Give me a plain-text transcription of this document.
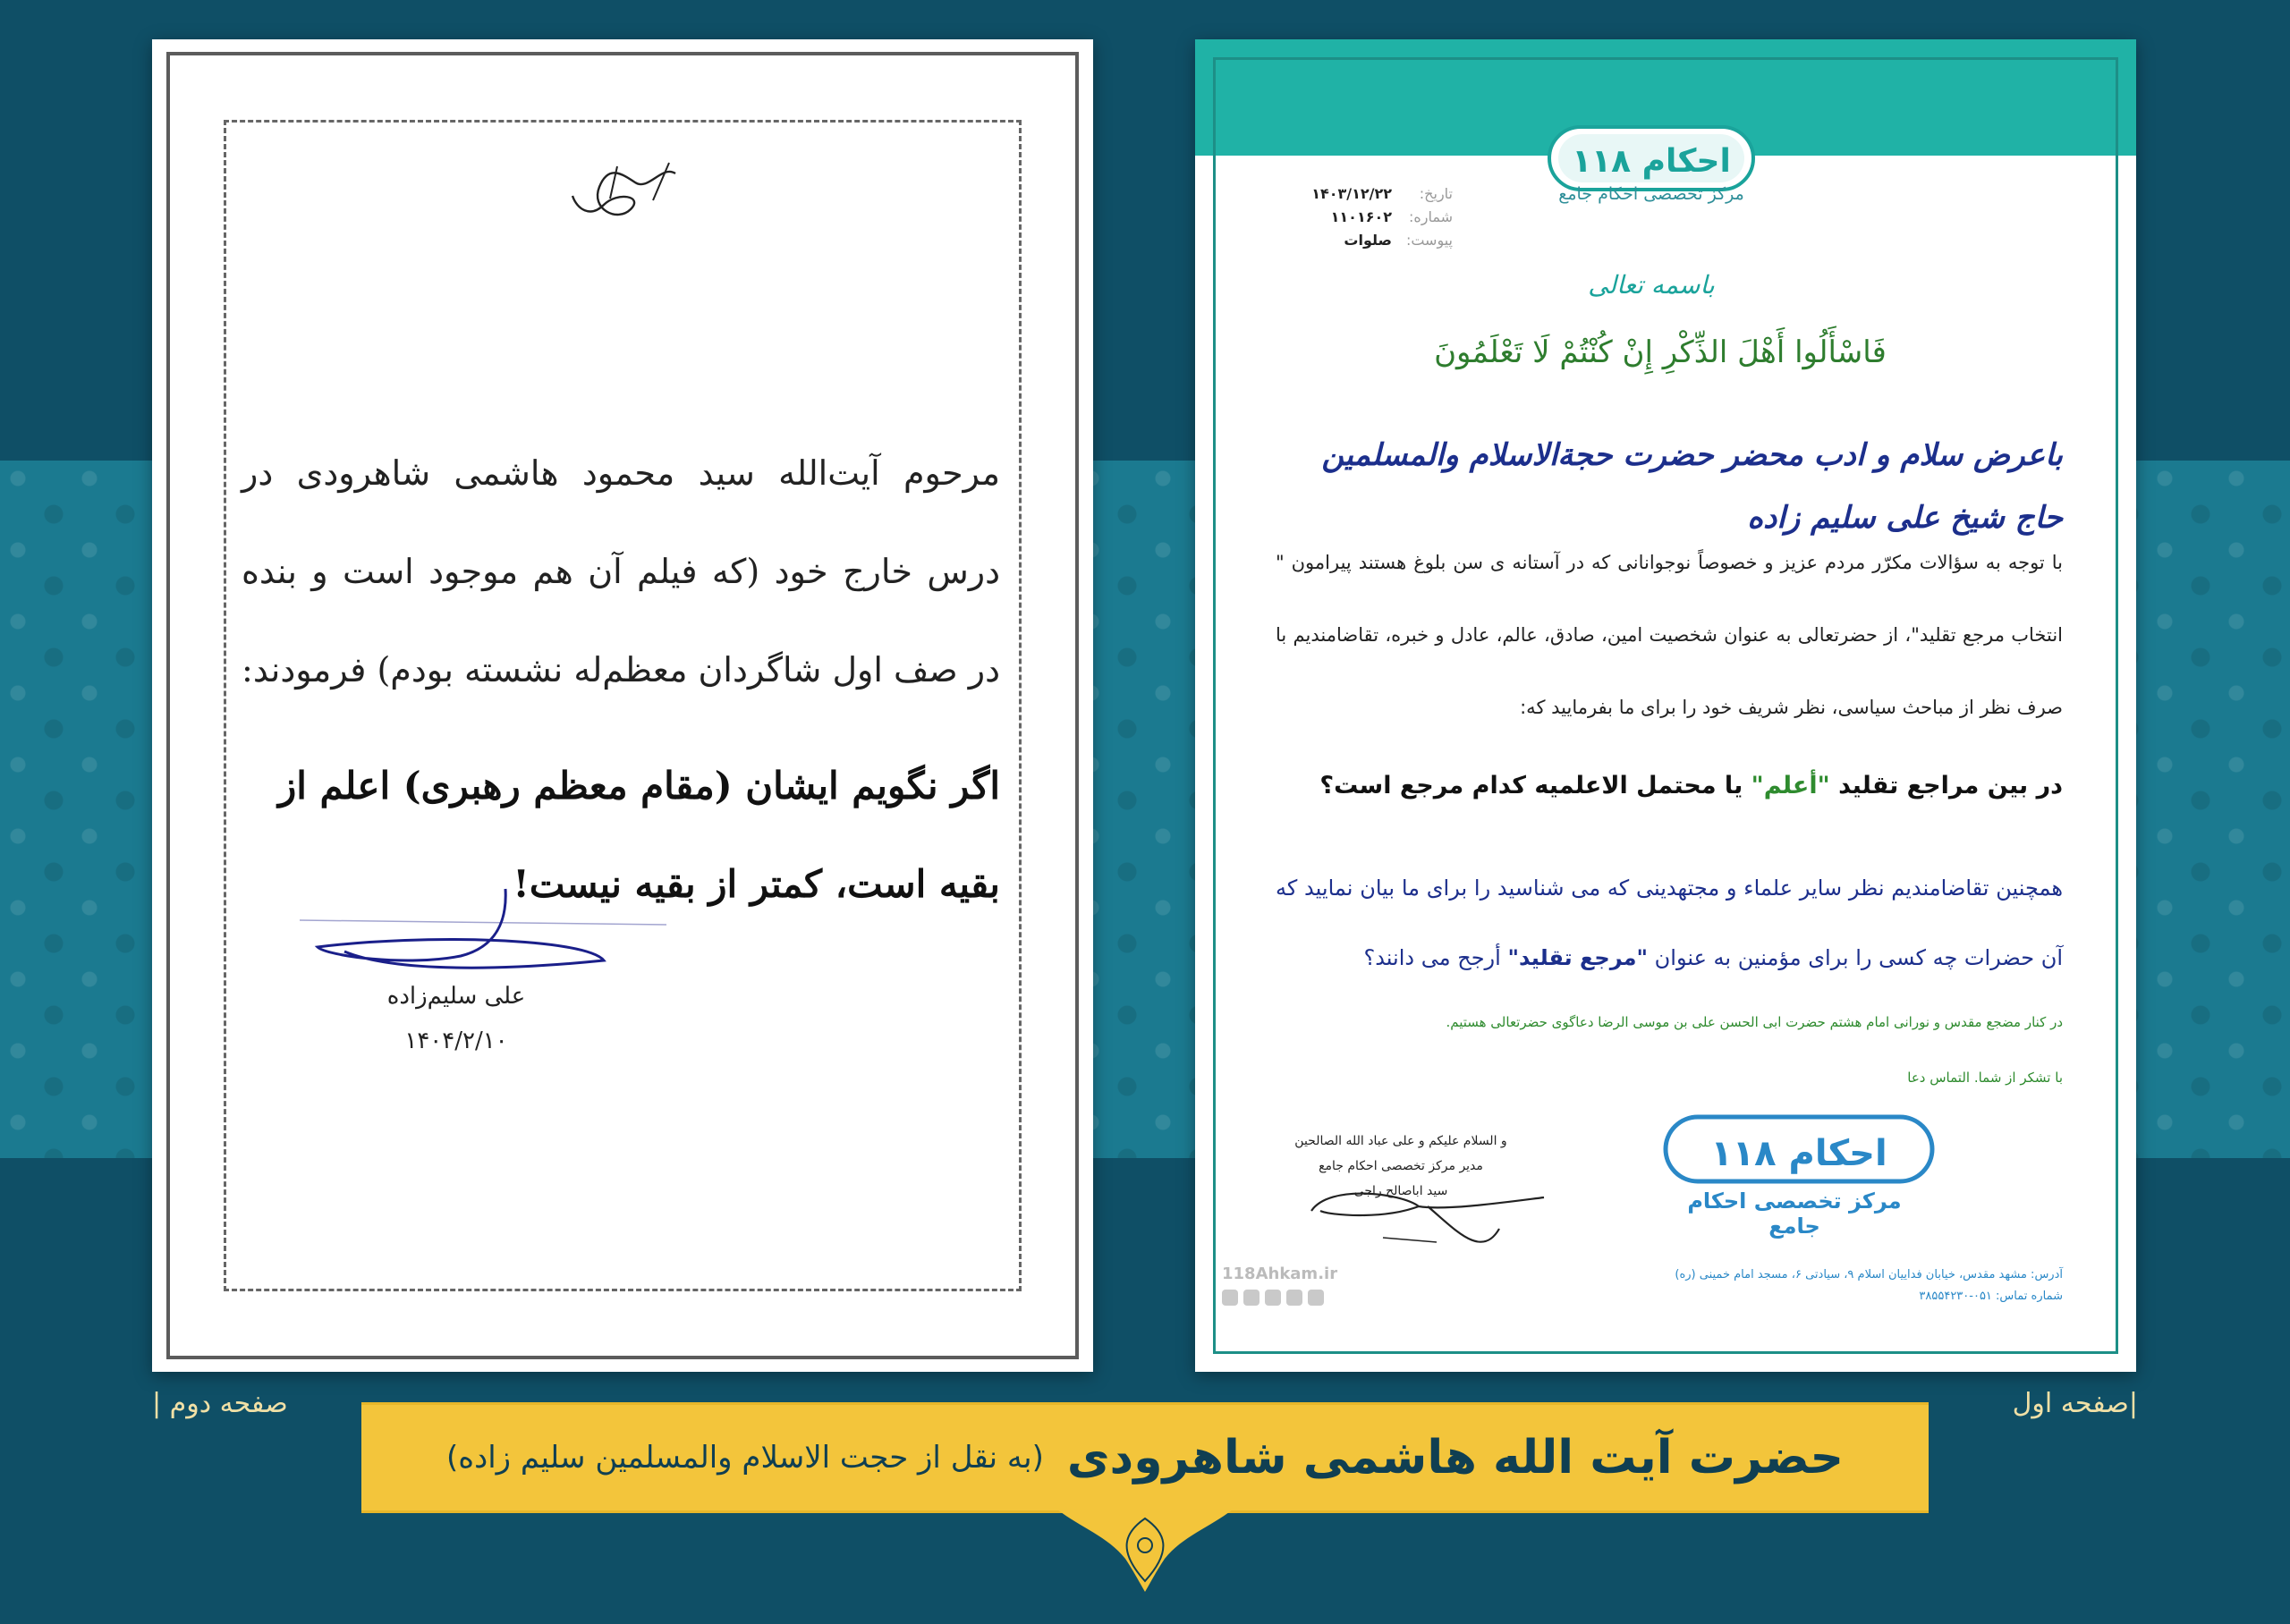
مرحوم آیت‌الله سید محمود هاشمی شاهرودی در درس خارج خود (که فیلم آن هم موجود است و بنده در صف اول شاگردان معظم‌له نشسته بودم) فرمودند:
اگر نگویم ایشان (مقام معظم رهبری) اعلم از بقیه است، کمتر از بقیه نیست!
علی سلیم‌زاده
۱۴۰۴/۲/۱۰
۱۱۸ احکام
مرکز تخصصی احکام جامع
تاریخ:
۱۴۰۳/۱۲/۲۲
شماره:
۱۱۰۱۶۰۲
پیوست:
صلوات
باسمه تعالی
فَاسْأَلُوا أَهْلَ الذِّکْرِ إِنْ کُنْتُمْ لَا تَعْلَمُونَ
باعرض سلام و ادب محضر حضرت حجة‌الاسلام والمسلمین حاج شیخ علی سلیم زاده
با توجه به سؤالات مکرّر مردم عزیز و خصوصاً نوجوانانی که در آستانه ی سن بلوغ هستند پیرامون " انتخاب مرجع تقلید"، از حضرتعالی به عنوان شخصیت امین، صادق، عالم، عادل و خبره، تقاضامندیم با صرف نظر از مباحث سیاسی، نظر شریف خود را برای ما بفرمایید که:
در بین مراجع تقلید "أعلم" یا محتمل الاعلمیه کدام مرجع است؟
همچنین تقاضامندیم نظر سایر علماء و مجتهدینی که می شناسید را برای ما بیان نمایید که آن حضرات چه کسی را برای مؤمنین به عنوان "مرجع تقلید" أرجح می دانند؟
در کنار مضجع مقدس و نورانی امام هشتم حضرت ابی الحسن علی بن موسی الرضا دعاگوی حضرتعالی هستیم.
با تشکر از شما. التماس دعا
و السلام علیکم و علی عباد الله الصالحین
مدیر مرکز تخصصی احکام جامع
سید اباصالح راجی
۱۱۸ احکام
مرکز تخصصی احکام جامع
آدرس: مشهد مقدس، خیابان فداییان اسلام ۹، سیادتی ۶، مسجد امام خمینی (ره)
شماره تماس: ۰۵۱-۳۸۵۵۴۲۳۰
118Ahkam.ir
صفحه دوم |	|صفحه اول
حضرت آیت الله هاشمی شاهرودی
(به نقل از حجت الاسلام والمسلمین سلیم زاده)
